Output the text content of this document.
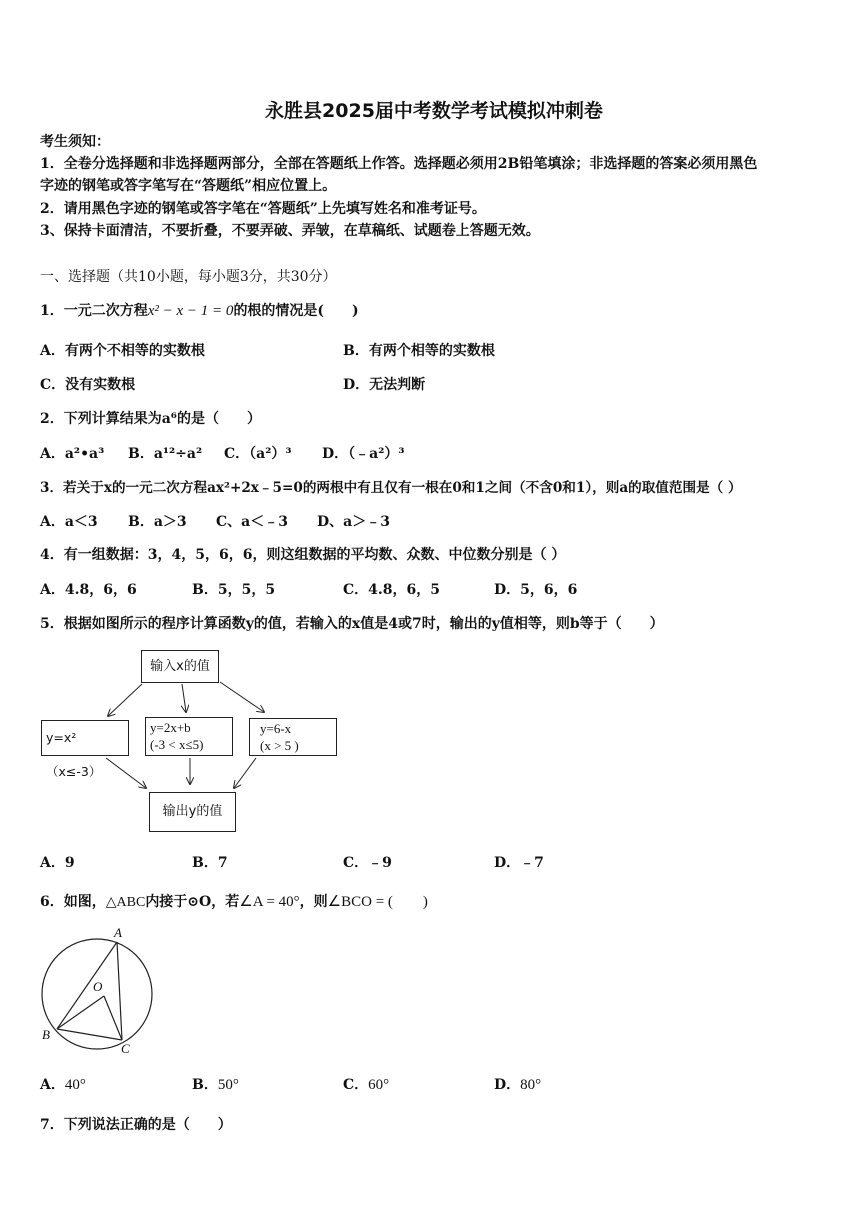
永胜县2025届中考数学考试模拟冲刺卷
考生须知：
1．全卷分选择题和非选择题两部分，全部在答题纸上作答。选择题必须用2B铅笔填涂；非选择题的答案必须用黑色
字迹的钢笔或答字笔写在“答题纸”相应位置上。
2．请用黑色字迹的钢笔或答字笔在“答题纸”上先填写姓名和准考证号。
3、保持卡面清洁，不要折叠，不要弄破、弄皱，在草稿纸、试题卷上答题无效。
一、选择题（共10小题，每小题3分，共30分）
1．一元二次方程x² − x − 1 = 0的根的情况是(　　)
A．有两个不相等的实数根	B．有两个相等的实数根
C．没有实数根	D．无法判断
2．下列计算结果为a⁶的是（　　）
A．a²•a³ B．a¹²÷a² C．（a²）³ D．（﹣a²）³
3．若关于x的一元二次方程ax²+2x﹣5=0的两根中有且仅有一根在0和1之间（不含0和1），则a的取值范围是（ ）
A．a＜3 B．a＞3 C、a＜﹣3 D、a＞﹣3
4．有一组数据：3，4，5，6，6，则这组数据的平均数、众数、中位数分别是（ ）
A．4.8，6，6	B．5，5，5	C．4.8，6，5	D．5，6，6
5．根据如图所示的程序计算函数y的值，若输入的x值是4或7时，输出的y值相等，则b等于（　　）
输入x的值
y=x²（x≤-3）
y=2x+b
(-3 < x≤5)
y=6-x
(x > 5 )
输出y的值
A．9	B．7	C．﹣9	D．﹣7
6．如图，△ABC内接于⊙O，若∠A = 40°，则∠BCO = (　　)
A
O
B
C
A．40°	B．50°	C．60°	D．80°
7．下列说法正确的是（　　）
